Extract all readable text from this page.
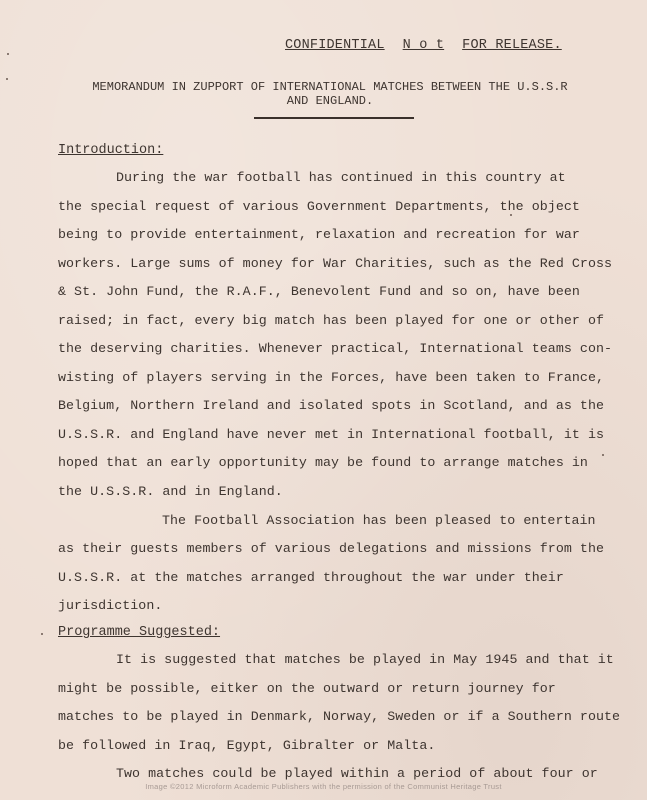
CONFIDENTIAL N o t FOR RELEASE.
MEMORANDUM IN ZUPPORT OF INTERNATIONAL MATCHES BETWEEN THE U.S.S.R AND ENGLAND.
Introduction:
During the war football has continued in this country at
the special request of various Government Departments, the object
being to provide entertainment, relaxation and recreation for war
workers. Large sums of money for War Charities, such as the Red Cross
& St. John Fund, the R.A.F., Benevolent Fund and so on, have been
raised; in fact, every big match has been played for one or other of
the deserving charities. Whenever practical, International teams con-
wisting of players serving in the Forces, have been taken to France,
Belgium, Northern Ireland and isolated spots in Scotland, and as the
U.S.S.R. and England have never met in International football, it is
hoped that an early opportunity may be found to arrange matches in
the U.S.S.R. and in England.
The Football Association has been pleased to entertain
as their guests members of various delegations and missions from the
U.S.S.R. at the matches arranged throughout the war under their
jurisdiction.
Programme Suggested:
It is suggested that matches be played in May 1945 and that it
might be possible, eitker on the outward or return journey for
matches to be played in Denmark, Norway, Sweden or if a Southern route
be followed in Iraq, Egypt, Gibralter or Malta.
Two matches could be played within a period of about four or
Image ©2012 Microform Academic Publishers with the permission of the Communist Heritage Trust
